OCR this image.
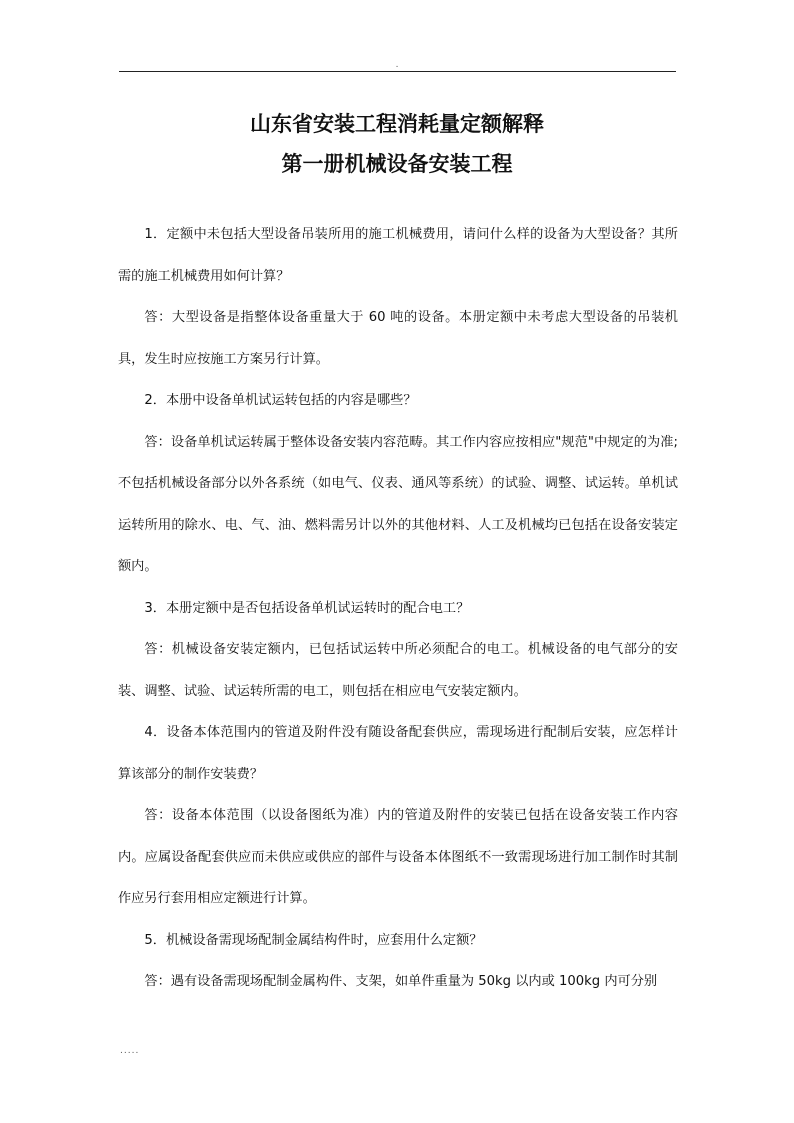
.
山东省安装工程消耗量定额解释
第一册机械设备安装工程

1．定额中未包括大型设备吊装所用的施工机械费用，请问什么样的设备为大型设备？其所需的施工机械费用如何计算？

答：大型设备是指整体设备重量大于 60 吨的设备。本册定额中未考虑大型设备的吊装机具，发生时应按施工方案另行计算。

2．本册中设备单机试运转包括的内容是哪些？

答：设备单机试运转属于整体设备安装内容范畴。其工作内容应按相应"规范"中规定的为准;不包括机械设备部分以外各系统（如电气、仪表、通风等系统）的试验、调整、试运转。单机试运转所用的除水、电、气、油、燃料需另计以外的其他材料、人工及机械均已包括在设备安装定额内。

3．本册定额中是否包括设备单机试运转时的配合电工？

答：机械设备安装定额内，已包括试运转中所必须配合的电工。机械设备的电气部分的安装、调整、试验、试运转所需的电工，则包括在相应电气安装定额内。

4．设备本体范围内的管道及附件没有随设备配套供应，需现场进行配制后安装，应怎样计算该部分的制作安装费？

答：设备本体范围（以设备图纸为准）内的管道及附件的安装已包括在设备安装工作内容内。应属设备配套供应而未供应或供应的部件与设备本体图纸不一致需现场进行加工制作时其制作应另行套用相应定额进行计算。

5．机械设备需现场配制金属结构件时，应套用什么定额？

答：遇有设备需现场配制金属构件、支架，如单件重量为 50kg 以内或 100kg 内可分别

.....
